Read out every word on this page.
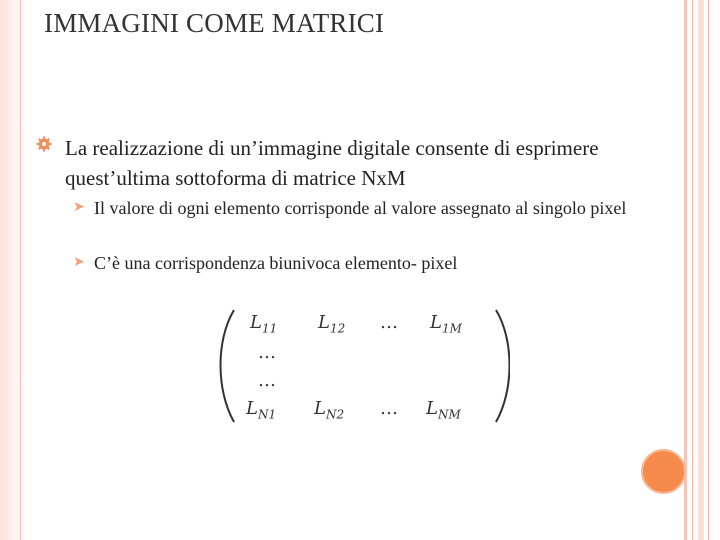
IMMAGINI COME MATRICI
La realizzazione di un’immagine digitale consente di esprimere quest’ultima sottoforma di matrice NxM
➤ Il valore di ogni elemento corrisponde al valore assegnato al singolo pixel
➤ C’è una corrispondenza biunivoca elemento- pixel
$L_{11}$ $L_{12}$ … $L_{1M}$
…
…
$L_{N1}$ $L_{N2}$ … $L_{NM}$
